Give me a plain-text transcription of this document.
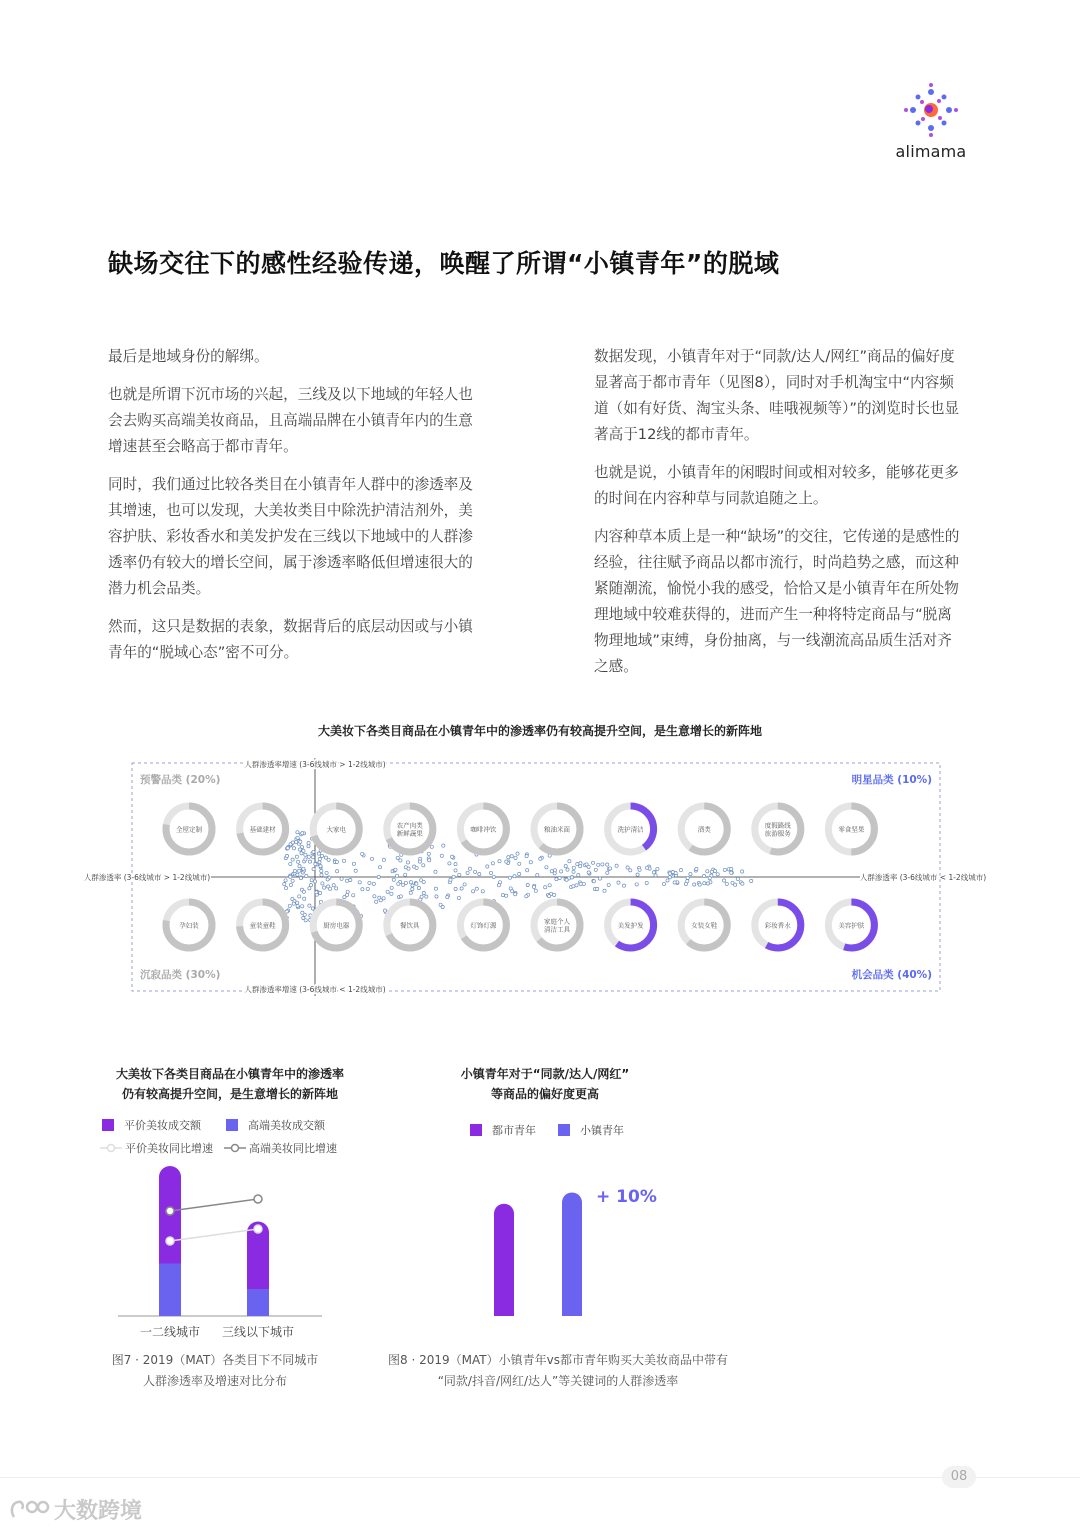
alimama
缺场交往下的感性经验传递，唤醒了所谓“小镇青年”的脱域

最后是地域身份的解绑。

也就是所谓下沉市场的兴起，三线及以下地域的年轻人也会去购买高端美妆商品，且高端品牌在小镇青年内的生意增速甚至会略高于都市青年。

同时，我们通过比较各类目在小镇青年人群中的渗透率及其增速，也可以发现，大美妆类目中除洗护清洁剂外，美容护肤、彩妆香水和美发护发在三线以下地域中的人群渗透率仍有较大的增长空间，属于渗透率略低但增速很大的潜力机会品类。

然而，这只是数据的表象，数据背后的底层动因或与小镇青年的“脱域心态”密不可分。

数据发现，小镇青年对于“同款/达人/网红”商品的偏好度显著高于都市青年（见图8），同时对手机淘宝中“内容频道（如有好货、淘宝头条、哇哦视频等）”的浏览时长也显著高于12线的都市青年。

也就是说，小镇青年的闲暇时间或相对较多，能够花更多的时间在内容种草与同款追随之上。

内容种草本质上是一种“缺场”的交往，它传递的是感性的经验，往往赋予商品以都市流行，时尚趋势之感，而这种紧随潮流，愉悦小我的感受，恰恰又是小镇青年在所处物理地域中较难获得的，进而产生一种将特定商品与“脱离物理地域”束缚，身份抽离，与一线潮流高品质生活对齐之感。

大美妆下各类目商品在小镇青年中的渗透率仍有较高提升空间，是生意增长的新阵地
人群渗透率增速 (3-6线城市 > 1-2线城市)
人群渗透率增速 (3-6线城市 < 1-2线城市)
人群渗透率 (3-6线城市 > 1-2线城市)	人群渗透率 (3-6线城市 < 1-2线城市)
预警品类 (20%)	明星品类 (10%)
沉寂品类 (30%)	机会品类 (40%)
全屋定制	基础建材	大家电	农产肉类
新鲜蔬果	咖啡冲饮	粮油米面	洗护清洁	酒类	度假路线
旅游服务	零食坚果
孕妇装	童装童鞋	厨房电器	餐饮具	灯饰灯源	家庭个人
清洁工具	美发护发	女装女鞋	彩妆香水	美容护肤
大美妆下各类目商品在小镇青年中的渗透率
仍有较高提升空间，是生意增长的新阵地
平价美妆成交额	高端美妆成交额
平价美妆同比增速	高端美妆同比增速
一二线城市 三线以下城市
图7 · 2019（MAT）各类目下不同城市
人群渗透率及增速对比分布
小镇青年对于“同款/达人/网红”
等商品的偏好度更高
都市青年	小镇青年
+ 10%
图8 · 2019（MAT）小镇青年vs都市青年购买大美妆商品中带有
“同款/抖音/网红/达人”等关键词的人群渗透率
08
大数跨境
